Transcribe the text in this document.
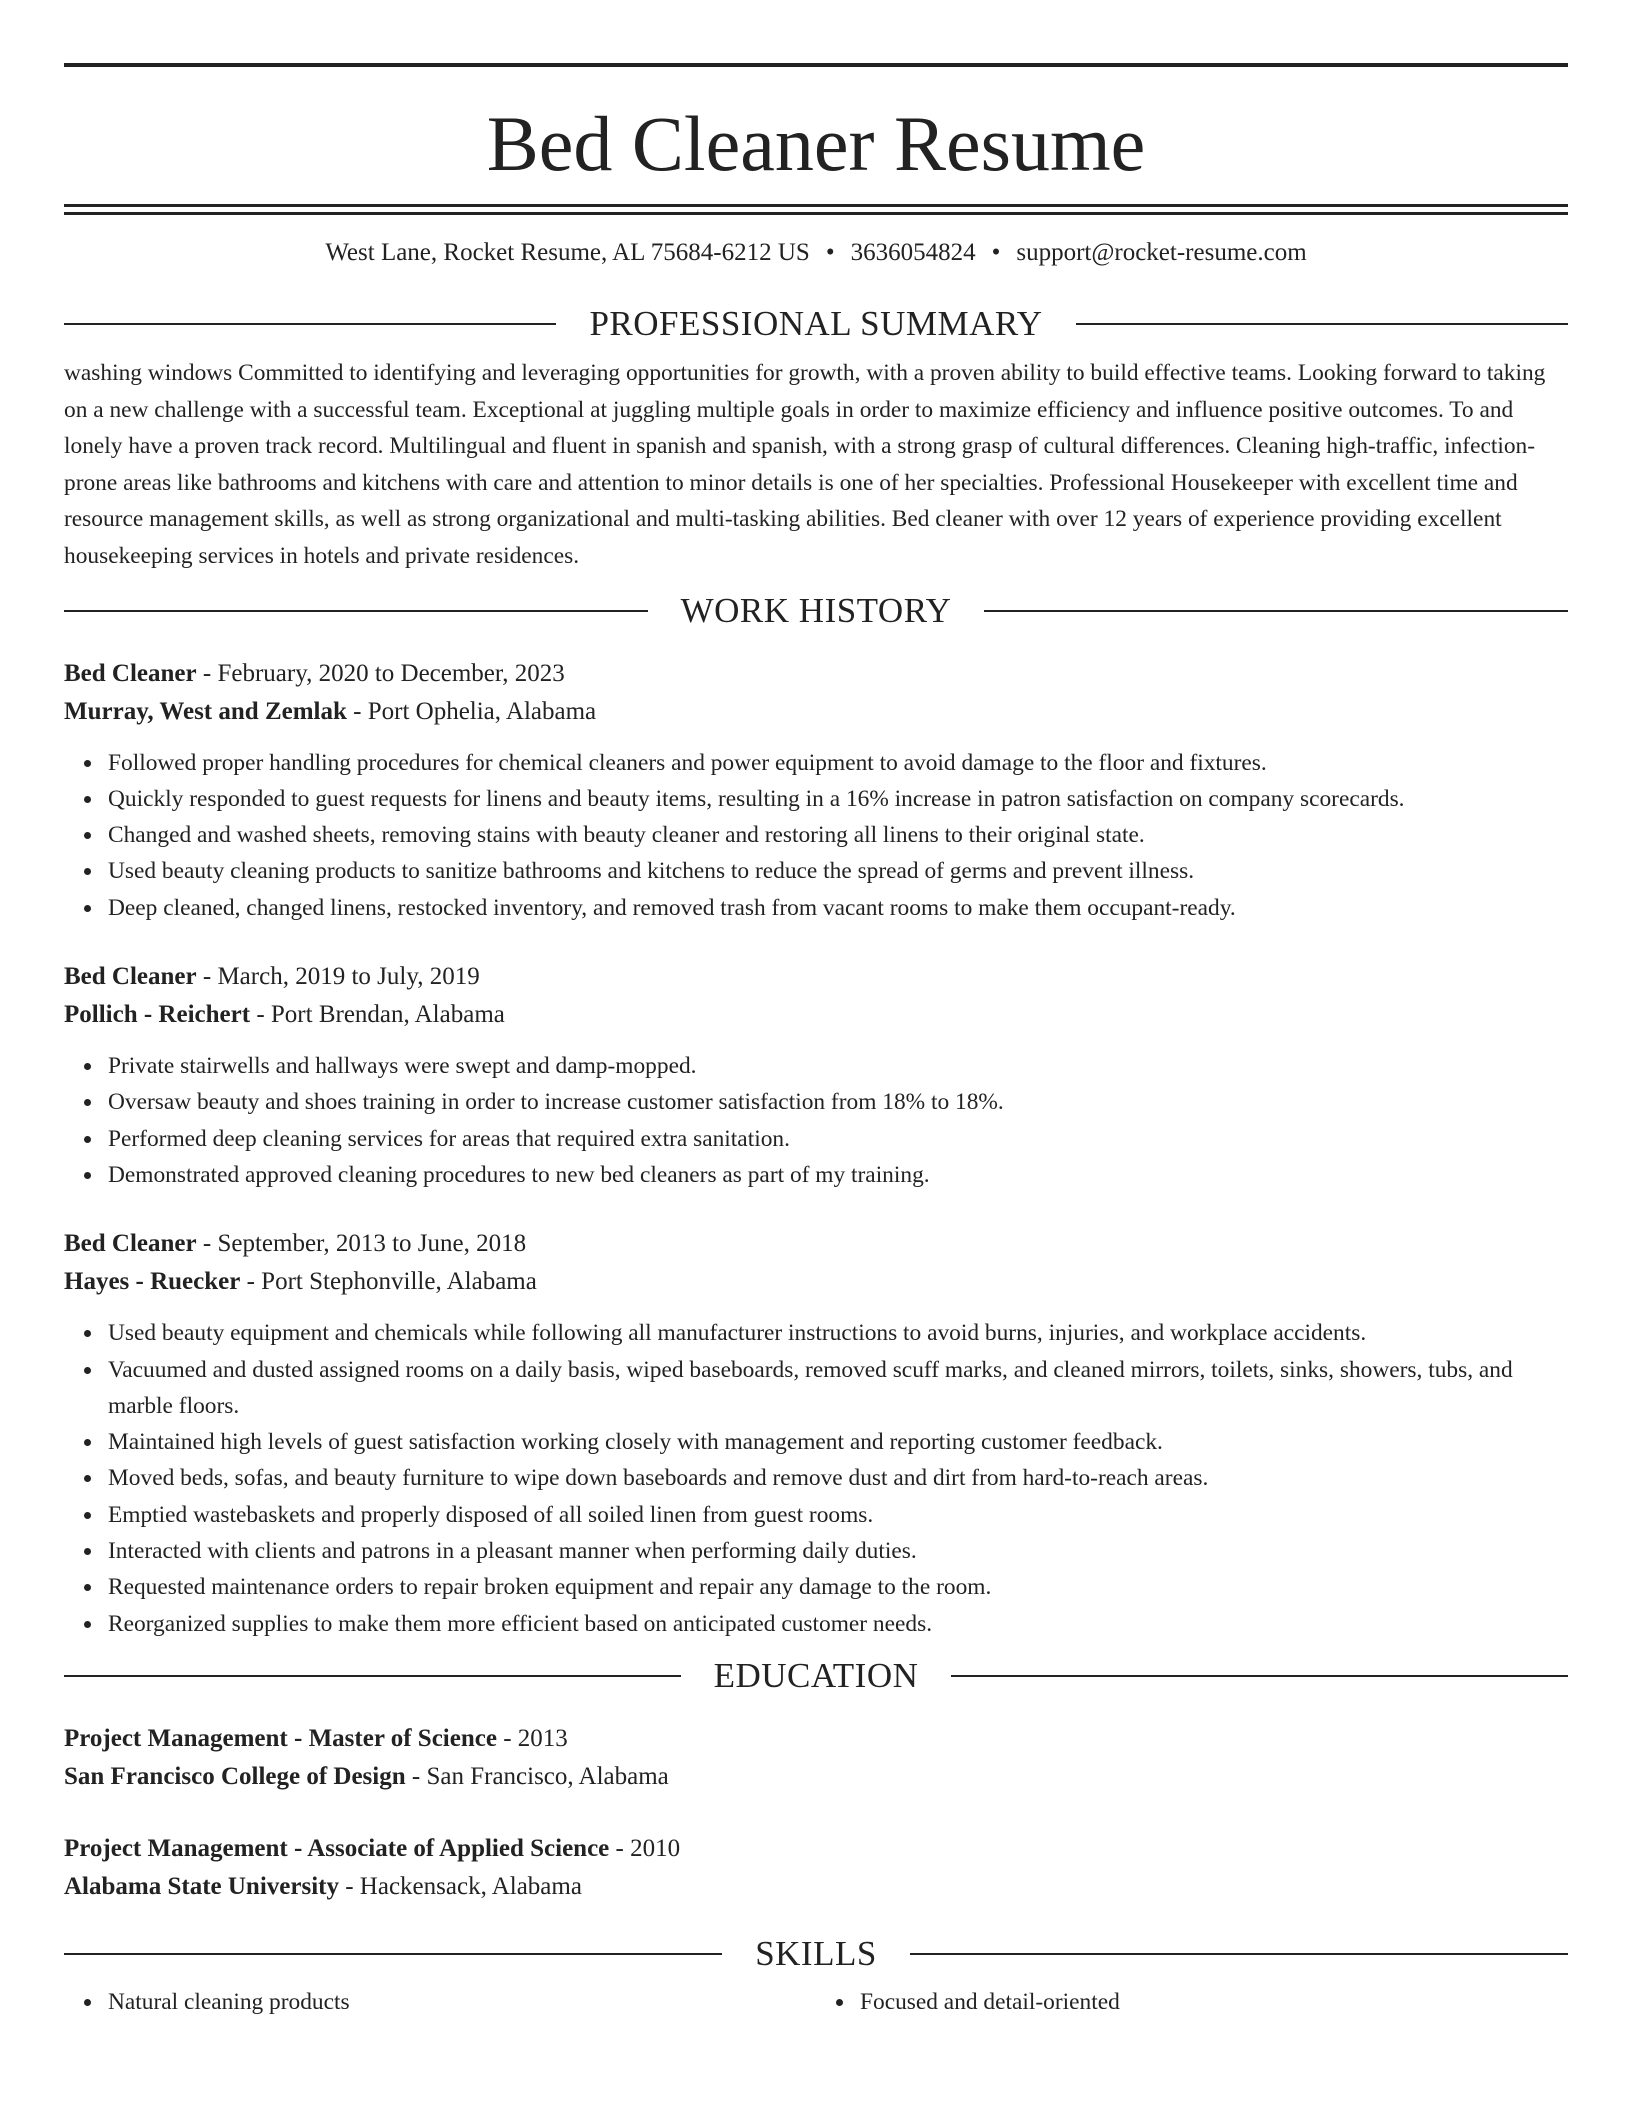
Bed Cleaner Resume
West Lane, Rocket Resume, AL 75684-6212 US • 3636054824 • support@rocket-resume.com
PROFESSIONAL SUMMARY
washing windows Committed to identifying and leveraging opportunities for growth, with a proven ability to build effective teams. Looking forward to taking on a new challenge with a successful team. Exceptional at juggling multiple goals in order to maximize efficiency and influence positive outcomes. To and lonely have a proven track record. Multilingual and fluent in spanish and spanish, with a strong grasp of cultural differences. Cleaning high-traffic, infection-prone areas like bathrooms and kitchens with care and attention to minor details is one of her specialties. Professional Housekeeper with excellent time and resource management skills, as well as strong organizational and multi-tasking abilities. Bed cleaner with over 12 years of experience providing excellent housekeeping services in hotels and private residences.
WORK HISTORY
Bed Cleaner - February, 2020 to December, 2023
Murray, West and Zemlak - Port Ophelia, Alabama
Followed proper handling procedures for chemical cleaners and power equipment to avoid damage to the floor and fixtures.
Quickly responded to guest requests for linens and beauty items, resulting in a 16% increase in patron satisfaction on company scorecards.
Changed and washed sheets, removing stains with beauty cleaner and restoring all linens to their original state.
Used beauty cleaning products to sanitize bathrooms and kitchens to reduce the spread of germs and prevent illness.
Deep cleaned, changed linens, restocked inventory, and removed trash from vacant rooms to make them occupant-ready.
Bed Cleaner - March, 2019 to July, 2019
Pollich - Reichert - Port Brendan, Alabama
Private stairwells and hallways were swept and damp-mopped.
Oversaw beauty and shoes training in order to increase customer satisfaction from 18% to 18%.
Performed deep cleaning services for areas that required extra sanitation.
Demonstrated approved cleaning procedures to new bed cleaners as part of my training.
Bed Cleaner - September, 2013 to June, 2018
Hayes - Ruecker - Port Stephonville, Alabama
Used beauty equipment and chemicals while following all manufacturer instructions to avoid burns, injuries, and workplace accidents.
Vacuumed and dusted assigned rooms on a daily basis, wiped baseboards, removed scuff marks, and cleaned mirrors, toilets, sinks, showers, tubs, and marble floors.
Maintained high levels of guest satisfaction working closely with management and reporting customer feedback.
Moved beds, sofas, and beauty furniture to wipe down baseboards and remove dust and dirt from hard-to-reach areas.
Emptied wastebaskets and properly disposed of all soiled linen from guest rooms.
Interacted with clients and patrons in a pleasant manner when performing daily duties.
Requested maintenance orders to repair broken equipment and repair any damage to the room.
Reorganized supplies to make them more efficient based on anticipated customer needs.
EDUCATION
Project Management - Master of Science - 2013
San Francisco College of Design - San Francisco, Alabama
Project Management - Associate of Applied Science - 2010
Alabama State University - Hackensack, Alabama
SKILLS
Natural cleaning products	Focused and detail-oriented
